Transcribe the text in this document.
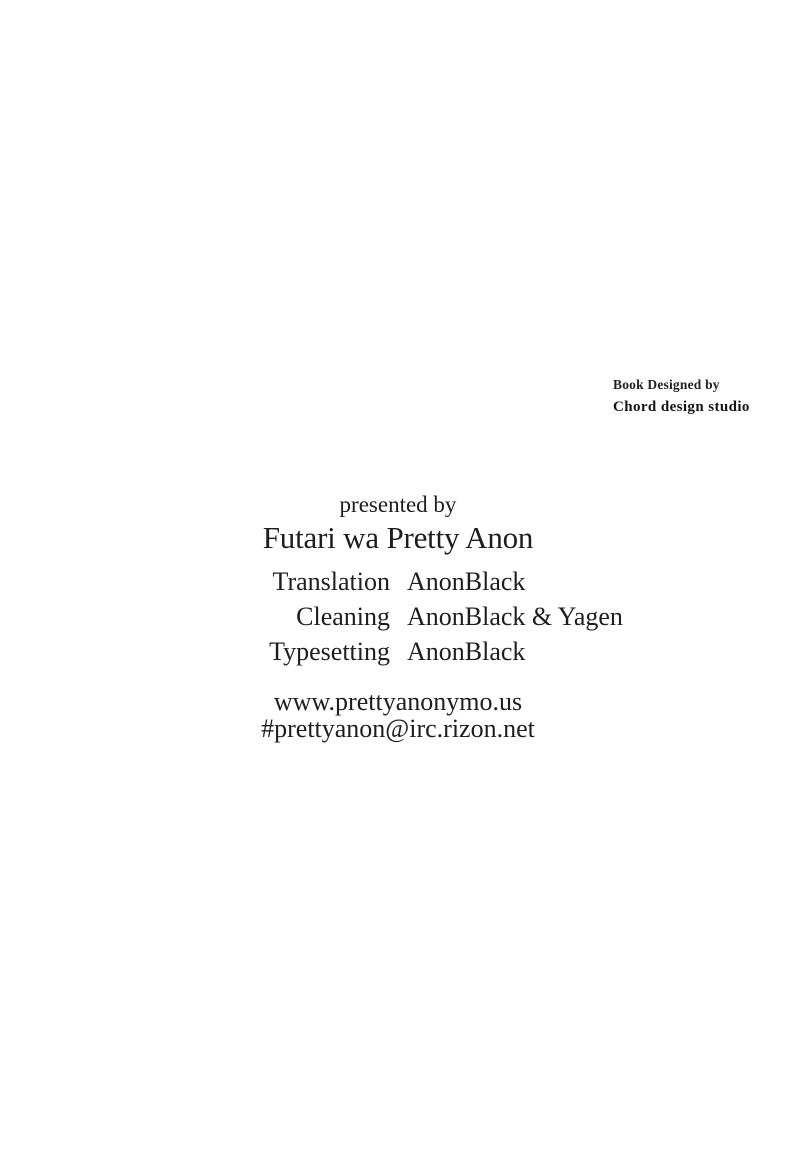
Book Designed by
Chord design studio
presented by
Futari wa Pretty Anon
Translation AnonBlack
Cleaning AnonBlack & Yagen
Typesetting AnonBlack
www.prettyanonymo.us
#prettyanon@irc.rizon.net
